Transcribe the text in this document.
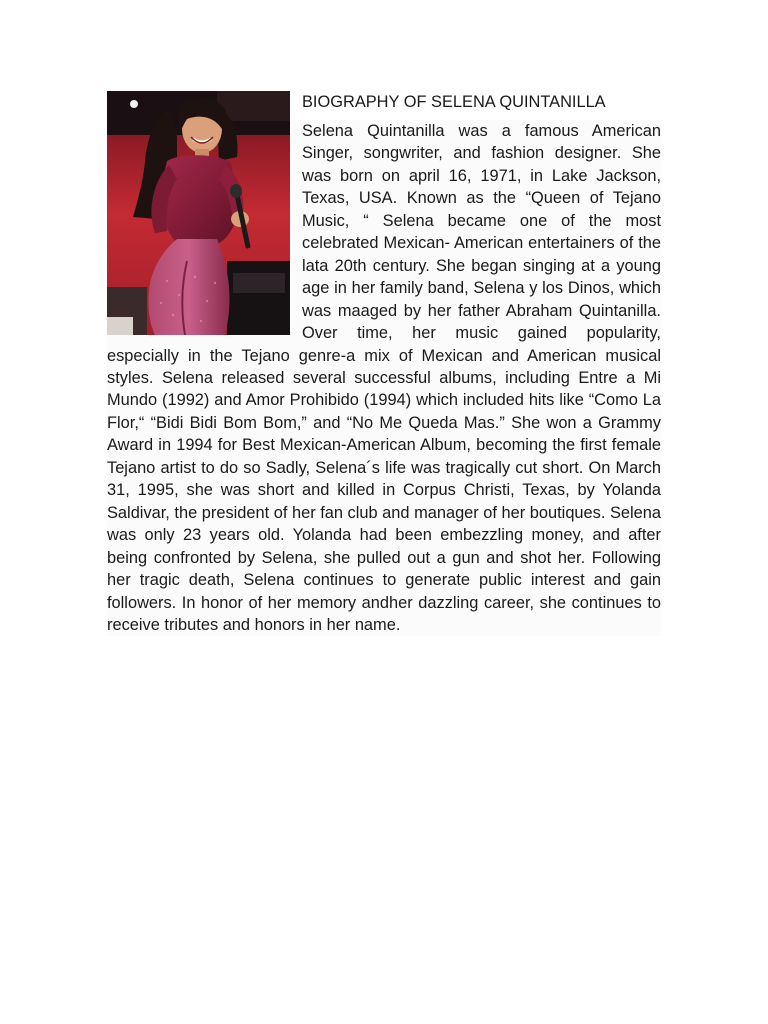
BIOGRAPHY OF SELENA QUINTANILLA

Selena Quintanilla was a famous American Singer, songwriter, and fashion designer. She was born on april 16, 1971, in Lake Jackson, Texas, USA. Known as the “Queen of Tejano Music, “ Selena became one of the most celebrated Mexican- American entertainers of the lata 20th century. She began singing at a young age in her family band, Selena y los Dinos, which was maaged by her father Abraham Quintanilla. Over time, her music gained popularity, especially in the Tejano genre-a mix of Mexican and American musical styles. Selena released several successful albums, including Entre a Mi Mundo (1992) and Amor Prohibido (1994) which included hits like “Como La Flor,“ “Bidi Bidi Bom Bom,” and “No Me Queda Mas.” She won a Grammy Award in 1994 for Best Mexican-American Album, becoming the first female Tejano artist to do so Sadly, Selena´s life was tragically cut short. On March 31, 1995, she was short and killed in Corpus Christi, Texas, by Yolanda Saldivar, the president of her fan club and manager of her boutiques. Selena was only 23 years old. Yolanda had been embezzling money, and after being confronted by Selena, she pulled out a gun and shot her. Following her tragic death, Selena continues to generate public interest and gain followers. In honor of her memory andher dazzling career, she continues to receive tributes and honors in her name.
